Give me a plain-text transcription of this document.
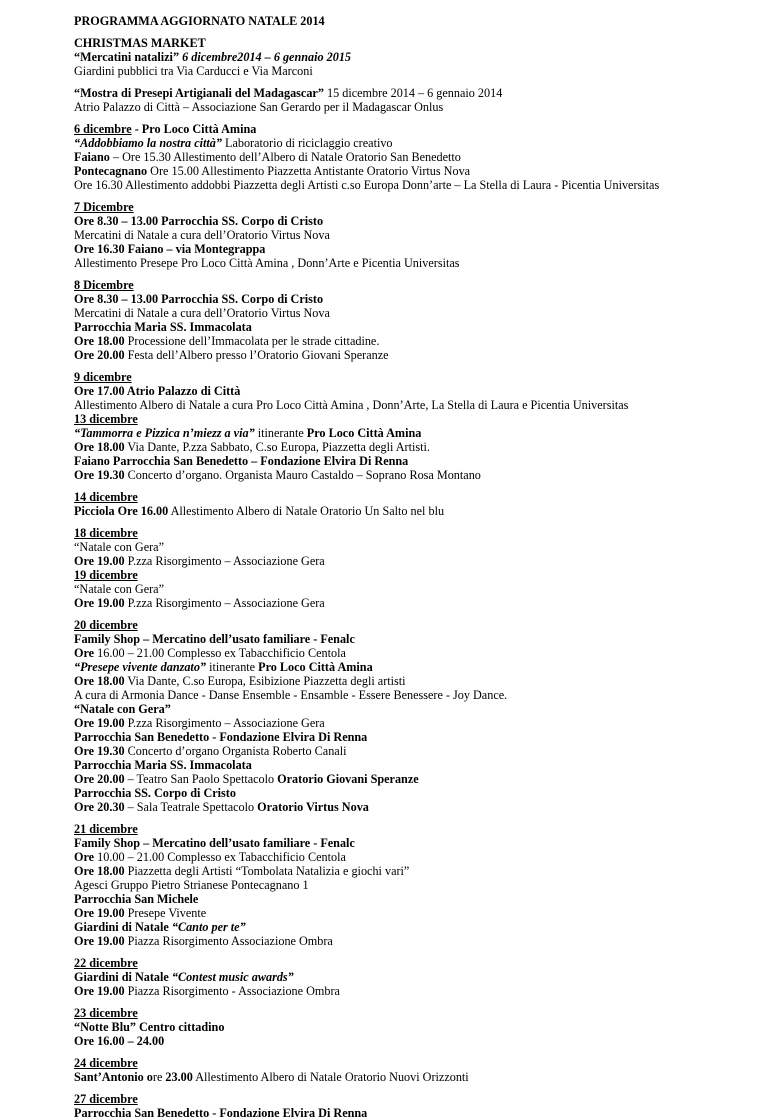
PROGRAMMA AGGIORNATO NATALE 2014
CHRISTMAS MARKET
“Mercatini natalizi” 6 dicembre2014 – 6 gennaio 2015
Giardini pubblici tra Via Carducci e Via Marconi
“Mostra di Presepi Artigianali del Madagascar” 15 dicembre 2014 – 6 gennaio 2014
Atrio Palazzo di Città – Associazione San Gerardo per il Madagascar Onlus
6 dicembre - Pro Loco Città Amina
“Addobbiamo la nostra città” Laboratorio di riciclaggio creativo
Faiano – Ore 15.30 Allestimento dell’Albero di Natale Oratorio San Benedetto
Pontecagnano Ore 15.00 Allestimento Piazzetta Antistante Oratorio Virtus Nova
Ore 16.30 Allestimento addobbi Piazzetta degli Artisti c.so Europa Donn’arte – La Stella di Laura - Picentia Universitas
7 Dicembre
Ore 8.30 – 13.00 Parrocchia SS. Corpo di Cristo
Mercatini di Natale a cura dell’Oratorio Virtus Nova
Ore 16.30 Faiano – via Montegrappa
Allestimento Presepe Pro Loco Città Amina , Donn’Arte e Picentia Universitas
8 Dicembre
Ore 8.30 – 13.00 Parrocchia SS. Corpo di Cristo
Mercatini di Natale a cura dell’Oratorio Virtus Nova
Parrocchia Maria SS. Immacolata
Ore 18.00 Processione dell’Immacolata per le strade cittadine.
Ore 20.00 Festa dell’Albero presso l’Oratorio Giovani Speranze
9 dicembre
Ore 17.00 Atrio Palazzo di Città
Allestimento Albero di Natale a cura Pro Loco Città Amina , Donn’Arte, La Stella di Laura e Picentia Universitas
13 dicembre
“Tammorra e Pizzica n’miezz a via” itinerante Pro Loco Città Amina
Ore 18.00 Via Dante, P.zza Sabbato, C.so Europa, Piazzetta degli Artisti.
Faiano Parrocchia San Benedetto – Fondazione Elvira Di Renna
Ore 19.30 Concerto d’organo. Organista Mauro Castaldo – Soprano Rosa Montano
14 dicembre
Picciola Ore 16.00 Allestimento Albero di Natale Oratorio Un Salto nel blu
18 dicembre
“Natale con Gera”
Ore 19.00 P.zza Risorgimento – Associazione Gera
19 dicembre
“Natale con Gera”
Ore 19.00 P.zza Risorgimento – Associazione Gera
20 dicembre
Family Shop – Mercatino dell’usato familiare - Fenalc
Ore 16.00 – 21.00 Complesso ex Tabacchificio Centola
“Presepe vivente danzato” itinerante Pro Loco Città Amina
Ore 18.00 Via Dante, C.so Europa, Esibizione Piazzetta degli artisti
A cura di Armonia Dance - Danse Ensemble - Ensamble - Essere Benessere - Joy Dance.
“Natale con Gera”
Ore 19.00 P.zza Risorgimento – Associazione Gera
Parrocchia San Benedetto - Fondazione Elvira Di Renna
Ore 19.30 Concerto d’organo Organista Roberto Canali
Parrocchia Maria SS. Immacolata
Ore 20.00 – Teatro San Paolo Spettacolo Oratorio Giovani Speranze
Parrocchia SS. Corpo di Cristo
Ore 20.30 – Sala Teatrale Spettacolo Oratorio Virtus Nova
21 dicembre
Family Shop – Mercatino dell’usato familiare - Fenalc
Ore 10.00 – 21.00 Complesso ex Tabacchificio Centola
Ore 18.00 Piazzetta degli Artisti “Tombolata Natalizia e giochi vari”
Agesci Gruppo Pietro Strianese Pontecagnano 1
Parrocchia San Michele
Ore 19.00 Presepe Vivente
Giardini di Natale “Canto per te”
Ore 19.00 Piazza Risorgimento Associazione Ombra
22 dicembre
Giardini di Natale “Contest music awards”
Ore 19.00 Piazza Risorgimento - Associazione Ombra
23 dicembre
“Notte Blu” Centro cittadino
Ore 16.00 – 24.00
24 dicembre
Sant’Antonio ore 23.00 Allestimento Albero di Natale Oratorio Nuovi Orizzonti
27 dicembre
Parrocchia San Benedetto - Fondazione Elvira Di Renna
